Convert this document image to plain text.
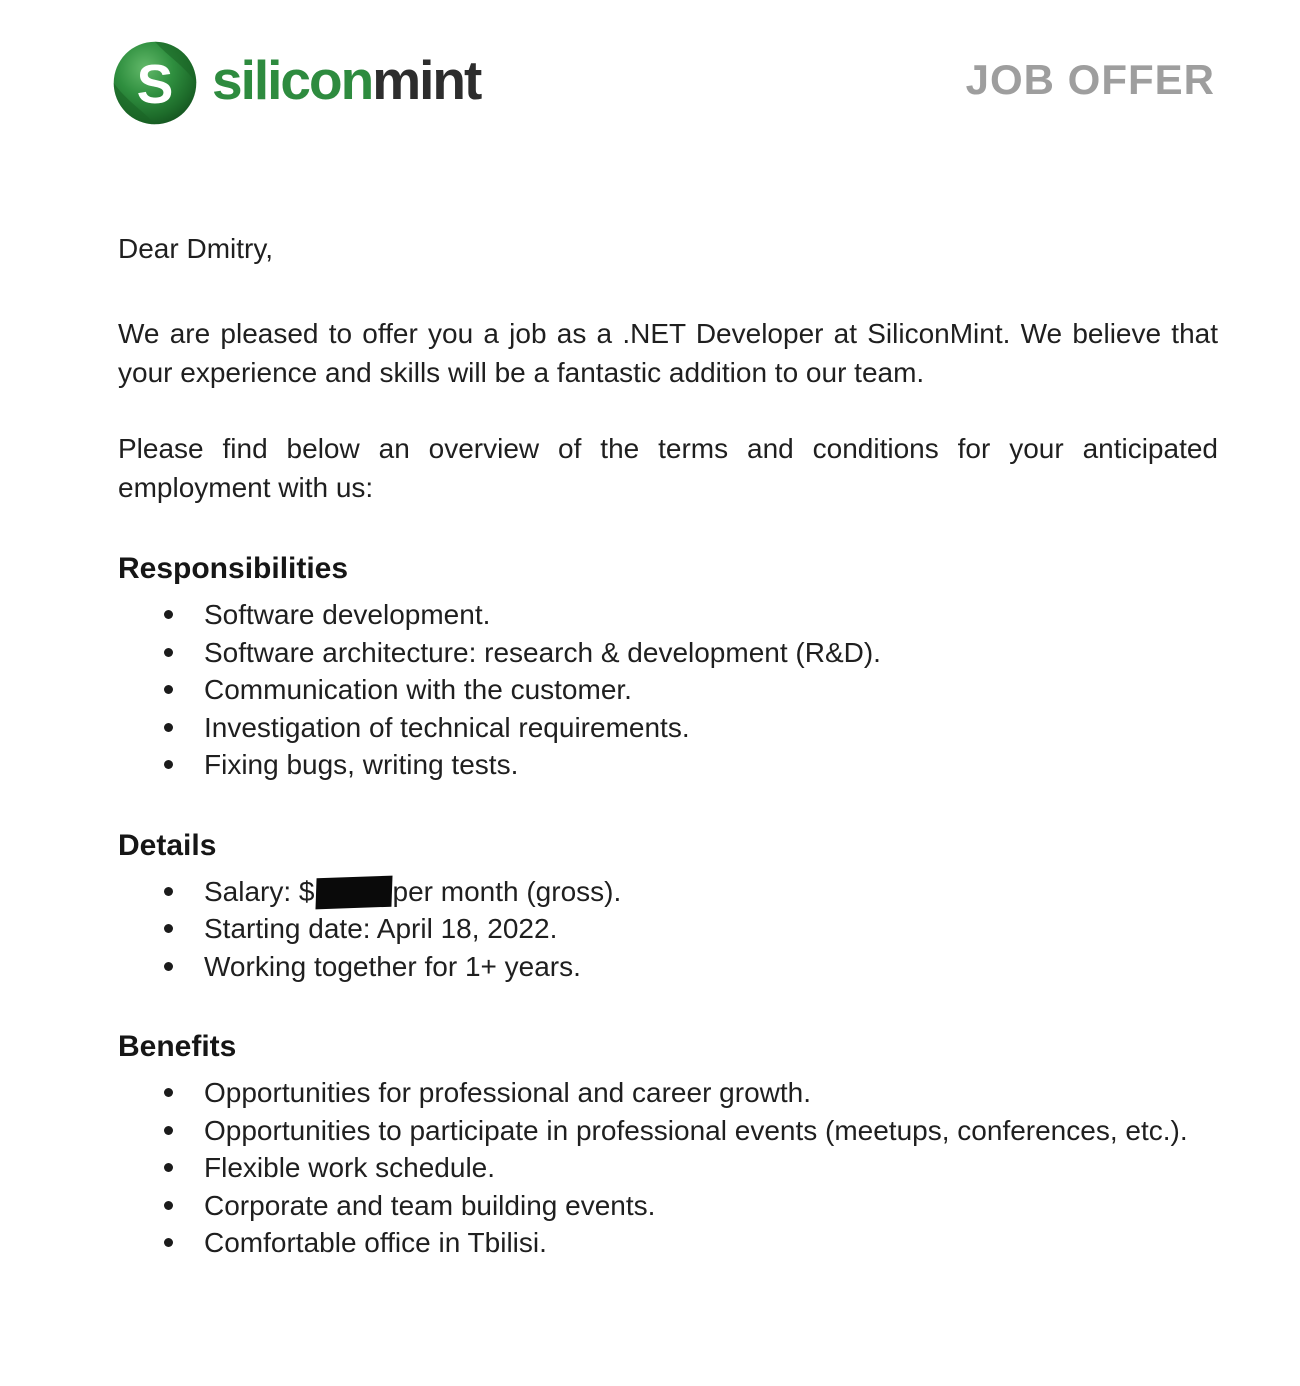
S siliconmint	JOB OFFER

Dear Dmitry,

We are pleased to offer you a job as a .NET Developer at SiliconMint. We believe that your experience and skills will be a fantastic addition to our team.

Please find below an overview of the terms and conditions for your anticipated employment with us:

Responsibilities
Software development.
Software architecture: research & development (R&D).
Communication with the customer.
Investigation of technical requirements.
Fixing bugs, writing tests.
Details
Salary: $	per month (gross).
Starting date: April 18, 2022.
Working together for 1+ years.
Benefits
Opportunities for professional and career growth.
Opportunities to participate in professional events (meetups, conferences, etc.).
Flexible work schedule.
Corporate and team building events.
Comfortable office in Tbilisi.
